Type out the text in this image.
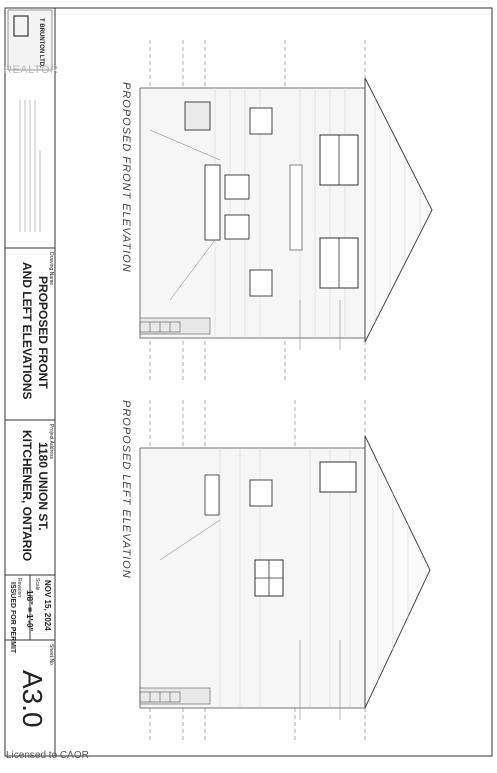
REALTOR
Licensed to CAOR
T BRUNTON LTD.
Drawing Name
PROPOSED FRONT
AND LEFT ELEVATIONS
Project Address
1180 UNION ST.
KITCHENER, ONTARIO
NOV 15, 2024
Scale
1/8" = 1'-0"
Revision
ISSUED FOR PERMIT
Sheet No.
A3.0
PROPOSED FRONT ELEVATION
PROPOSED LEFT ELEVATION
